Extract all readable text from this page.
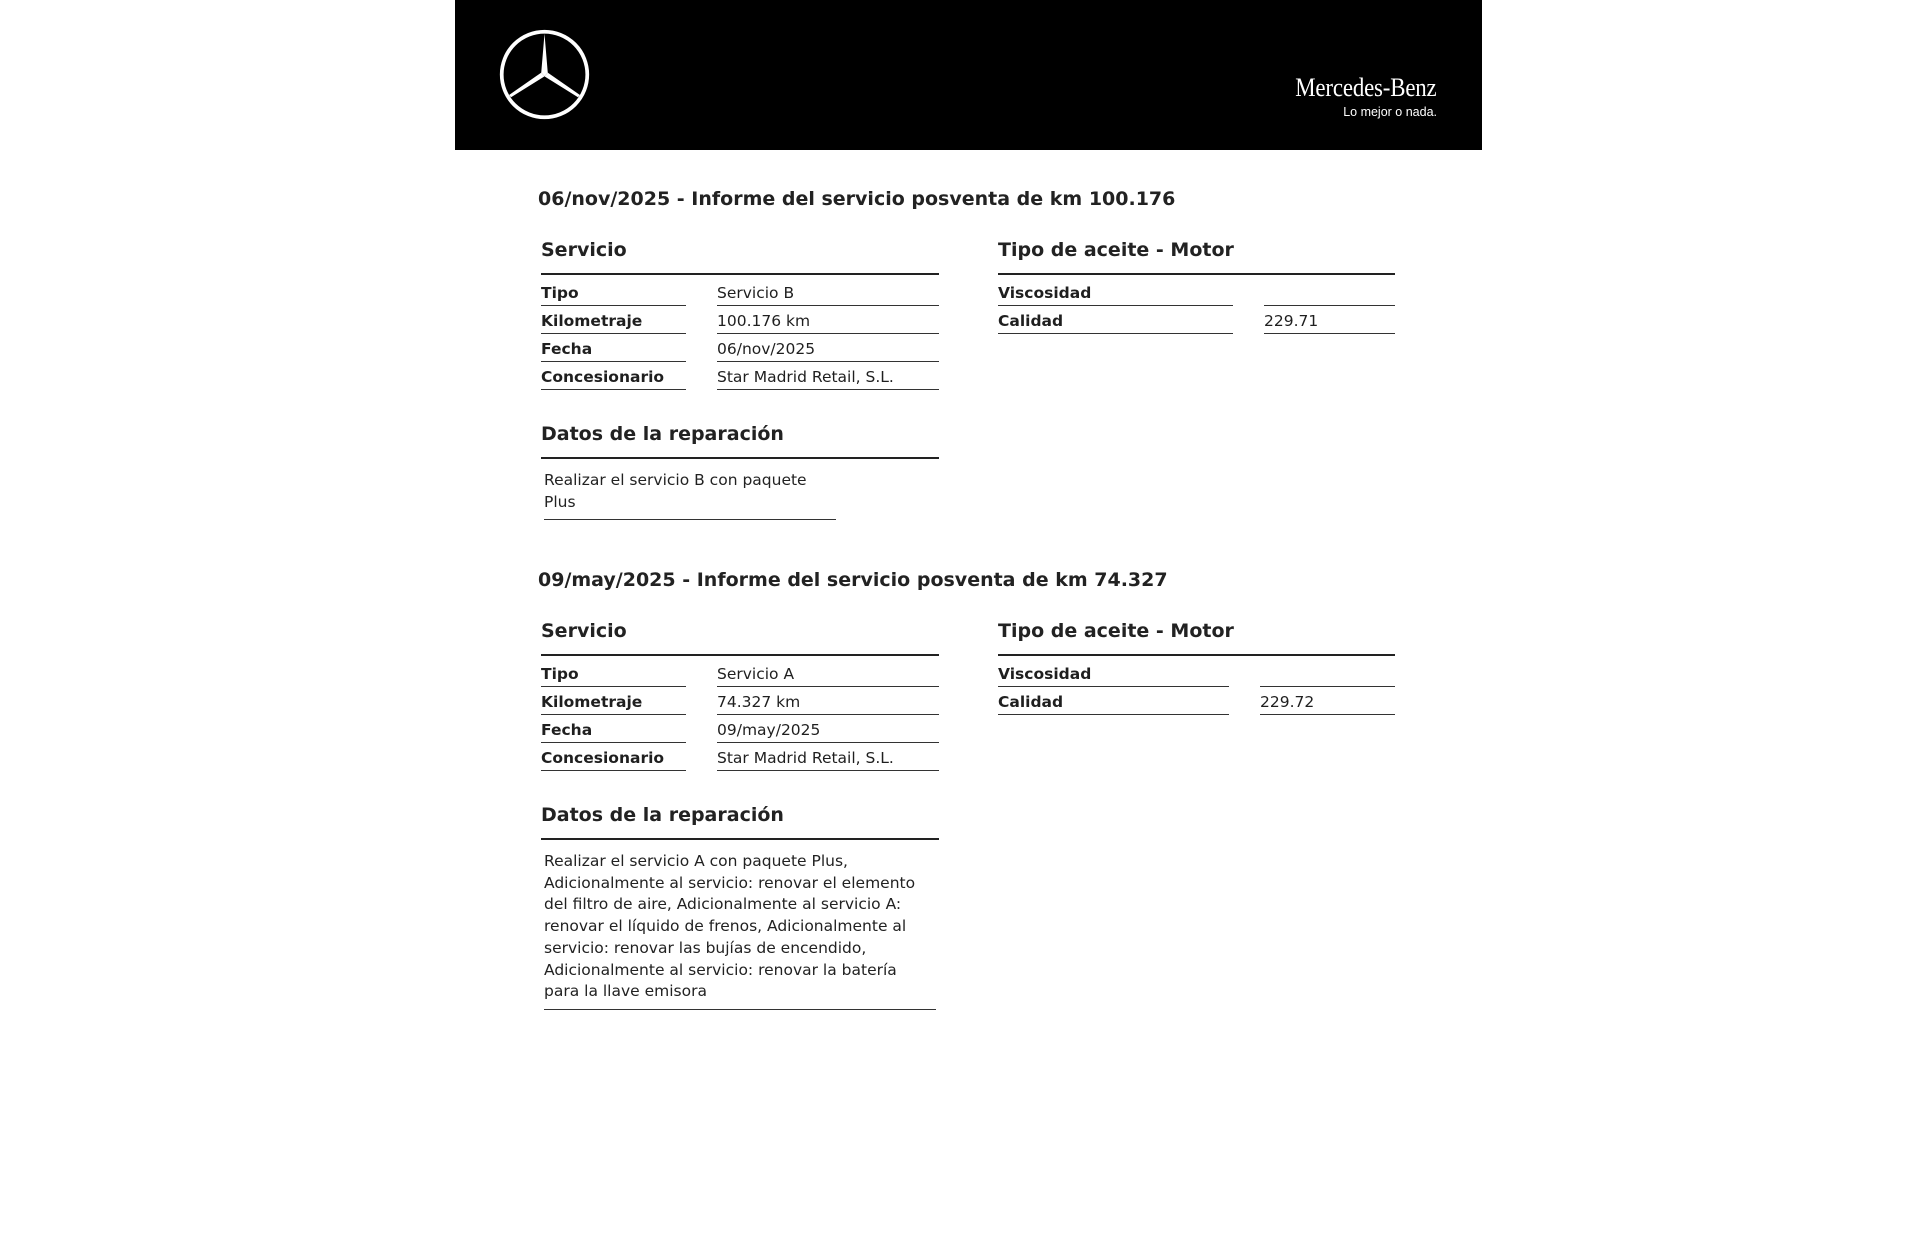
Mercedes-Benz
Lo mejor o nada.
06/nov/2025 - Informe del servicio posventa de km 100.176
Servicio
Tipo	Servicio B
Kilometraje	100.176 km
Fecha	06/nov/2025
Concesionario	Star Madrid Retail, S.L.
Tipo de aceite - Motor
Viscosidad
Calidad	229.71
Datos de la reparación
Realizar el servicio B con paquete Plus
09/may/2025 - Informe del servicio posventa de km 74.327
Servicio
Tipo	Servicio A
Kilometraje	74.327 km
Fecha	09/may/2025
Concesionario	Star Madrid Retail, S.L.
Tipo de aceite - Motor
Viscosidad
Calidad	229.72
Datos de la reparación
Realizar el servicio A con paquete Plus, Adicionalmente al servicio: renovar el elemento del filtro de aire, Adicionalmente al servicio A: renovar el líquido de frenos, Adicionalmente al servicio: renovar las bujías de encendido, Adicionalmente al servicio: renovar la batería para la llave emisora
